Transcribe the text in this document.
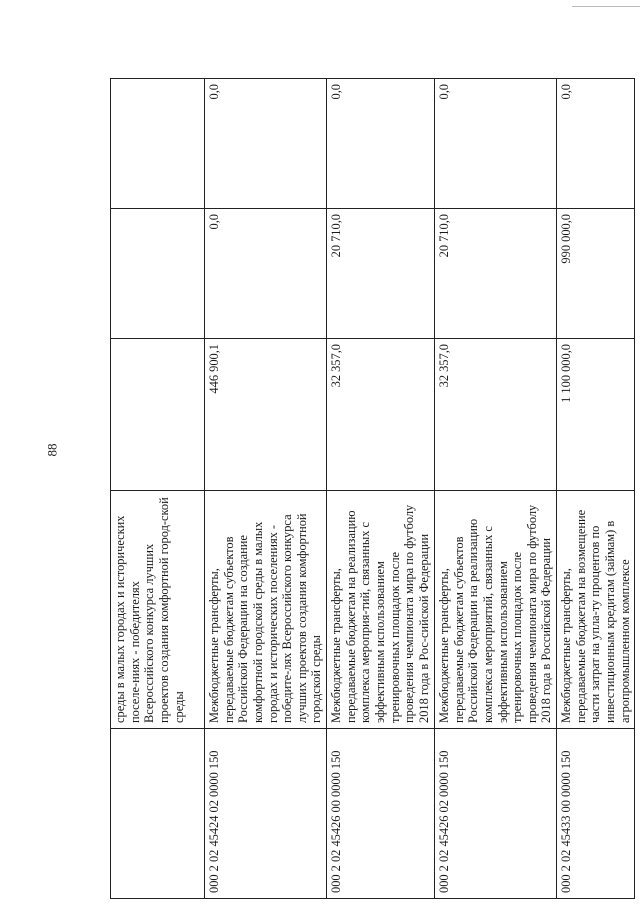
88
	среды в малых городах и исторических поселе-ниях - победителях Всероссийского конкурса лучших проектов создания комфортной город-ской среды			
000 2 02 45424 02 0000 150	Межбюджетные трансферты, передаваемые бюджетам субъектов Российской Федерации на создание комфортной городской среды в малых городах и исторических поселениях - победите-лях Всероссийского конкурса лучших проектов создания комфортной городской среды	446 900,1	0,0	0,0
000 2 02 45426 00 0000 150	Межбюджетные трансферты, передаваемые бюджетам на реализацию комплекса мероприя-тий, связанных с эффективным использованием тренировочных площадок после проведения чемпионата мира по футболу 2018 года в Рос-сийской Федерации	32 357,0	20 710,0	0,0
000 2 02 45426 02 0000 150	Межбюджетные трансферты, передаваемые бюджетам субъектов Российской Федерации на реализацию комплекса мероприятий, связанных с эффективным использованием тренировочных площадок после проведения чемпионата мира по футболу 2018 года в Российской Федерации	32 357,0	20 710,0	0,0
000 2 02 45433 00 0000 150	Межбюджетные трансферты, передаваемые бюджетам на возмещение части затрат на упла-ту процентов по инвестиционным кредитам (займам) в агропромышленном комплексе	1 100 000,0	990 000,0	0,0
